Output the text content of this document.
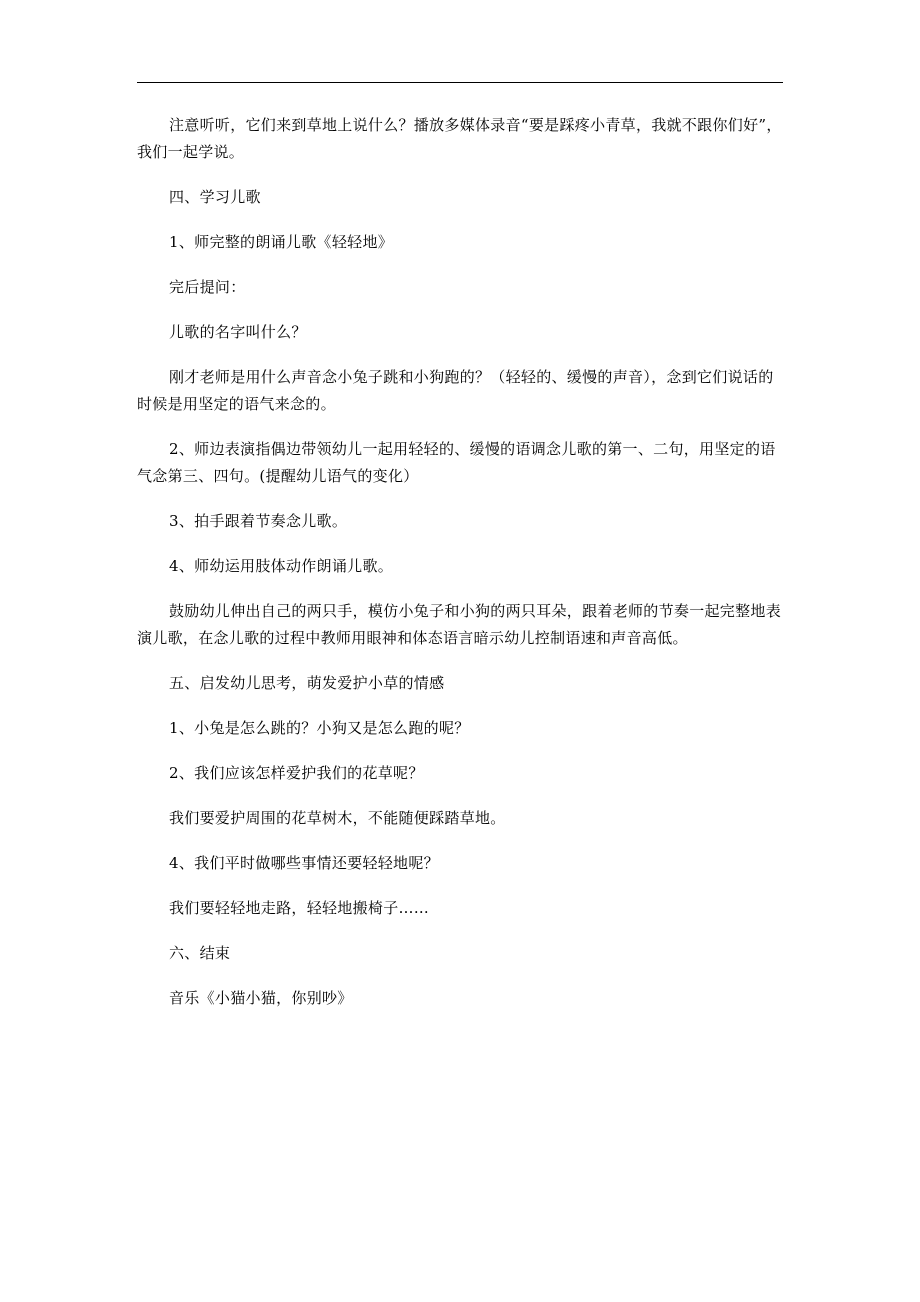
注意听听，它们来到草地上说什么？播放多媒体录音“要是踩疼小青草，我就不跟你们好”，我们一起学说。

四、学习儿歌

1、师完整的朗诵儿歌《轻轻地》

完后提问：

儿歌的名字叫什么？

刚才老师是用什么声音念小兔子跳和小狗跑的？（轻轻的、缓慢的声音），念到它们说话的时候是用坚定的语气来念的。

2、师边表演指偶边带领幼儿一起用轻轻的、缓慢的语调念儿歌的第一、二句，用坚定的语气念第三、四句。(提醒幼儿语气的变化）

3、拍手跟着节奏念儿歌。

4、师幼运用肢体动作朗诵儿歌。

鼓励幼儿伸出自己的两只手，模仿小兔子和小狗的两只耳朵，跟着老师的节奏一起完整地表演儿歌，在念儿歌的过程中教师用眼神和体态语言暗示幼儿控制语速和声音高低。

五、启发幼儿思考，萌发爱护小草的情感

1、小兔是怎么跳的？小狗又是怎么跑的呢？

2、我们应该怎样爱护我们的花草呢？

我们要爱护周围的花草树木，不能随便踩踏草地。

4、我们平时做哪些事情还要轻轻地呢？

我们要轻轻地走路，轻轻地搬椅子……

六、结束

音乐《小猫小猫，你别吵》
